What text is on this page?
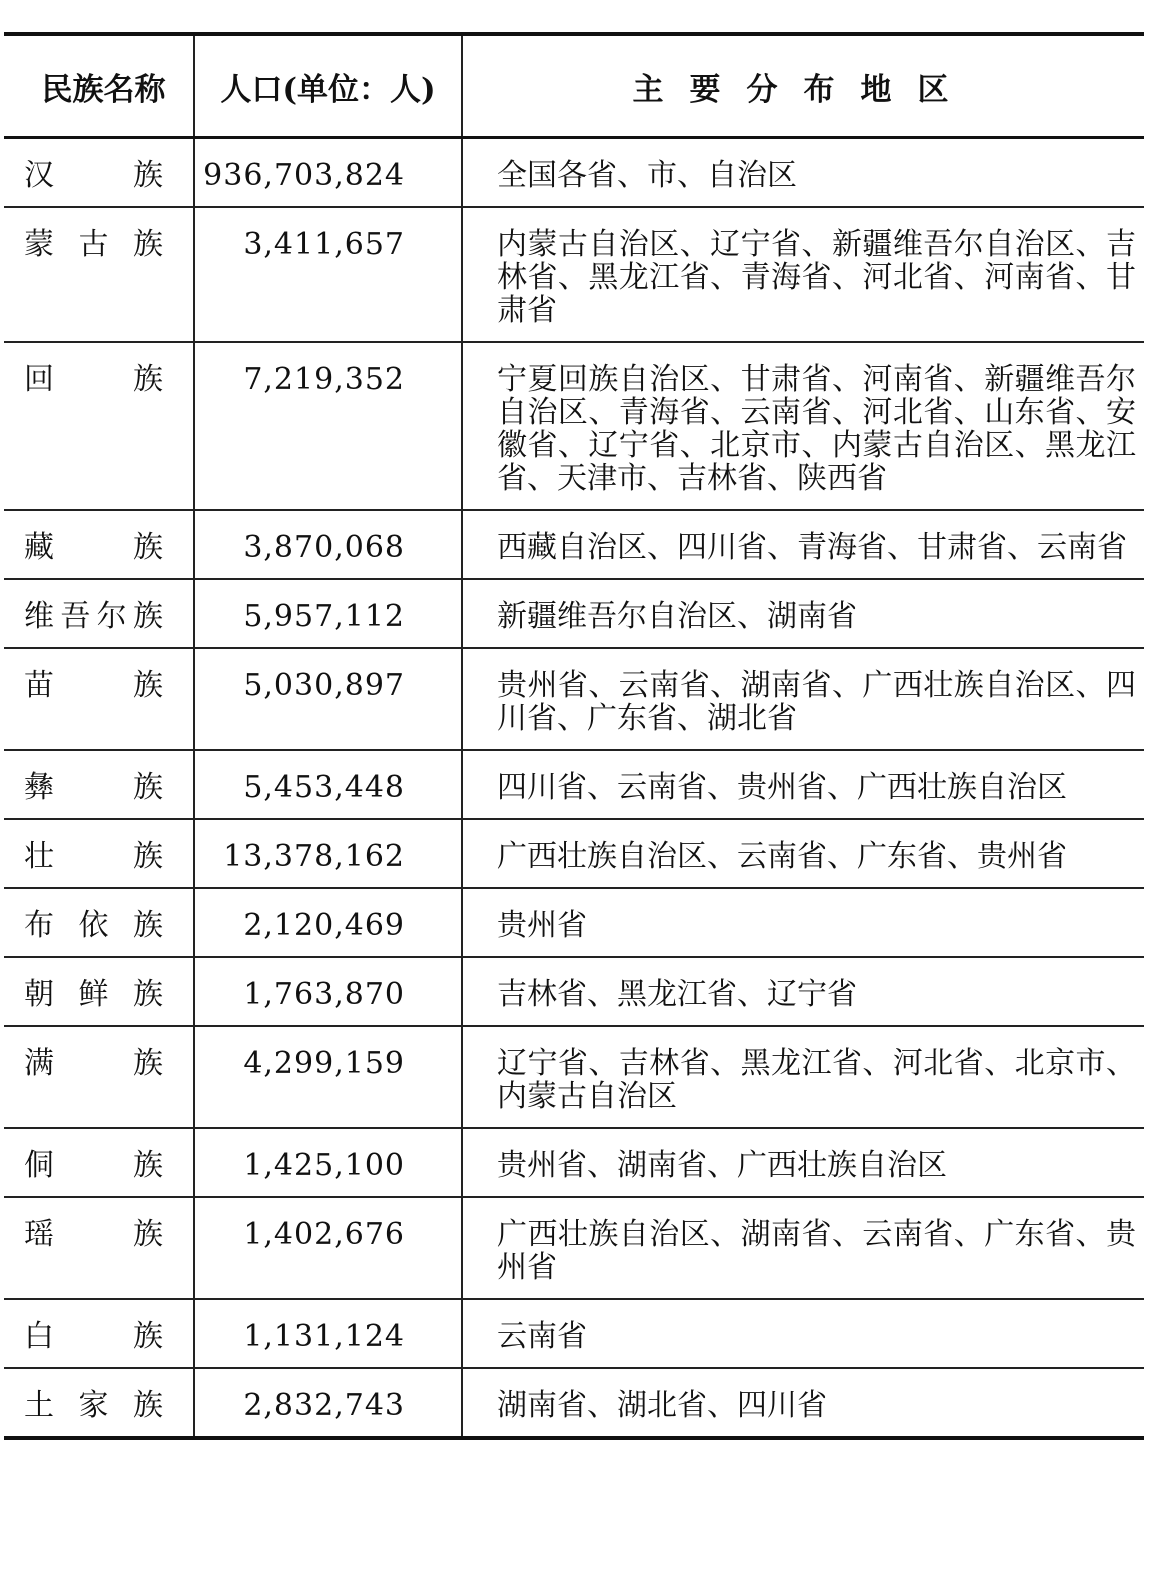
民族名称	人口(单位：人)	主要分布地区

汉族	936,703,824	全国各省、市、自治区

蒙古族	3,411,657	内蒙古自治区、辽宁省、新疆维吾尔自治区、吉林省、黑龙江省、青海省、河北省、河南省、甘肃省

回族	7,219,352	宁夏回族自治区、甘肃省、河南省、新疆维吾尔自治区、青海省、云南省、河北省、山东省、安徽省、辽宁省、北京市、内蒙古自治区、黑龙江省、天津市、吉林省、陕西省

藏族	3,870,068	西藏自治区、四川省、青海省、甘肃省、云南省

维吾尔族	5,957,112	新疆维吾尔自治区、湖南省

苗族	5,030,897	贵州省、云南省、湖南省、广西壮族自治区、四川省、广东省、湖北省

彝族	5,453,448	四川省、云南省、贵州省、广西壮族自治区

壮族	13,378,162	广西壮族自治区、云南省、广东省、贵州省

布依族	2,120,469	贵州省

朝鲜族	1,763,870	吉林省、黑龙江省、辽宁省

满族	4,299,159	辽宁省、吉林省、黑龙江省、河北省、北京市、内蒙古自治区

侗族	1,425,100	贵州省、湖南省、广西壮族自治区

瑶族	1,402,676	广西壮族自治区、湖南省、云南省、广东省、贵州省

白族	1,131,124	云南省

土家族	2,832,743	湖南省、湖北省、四川省
